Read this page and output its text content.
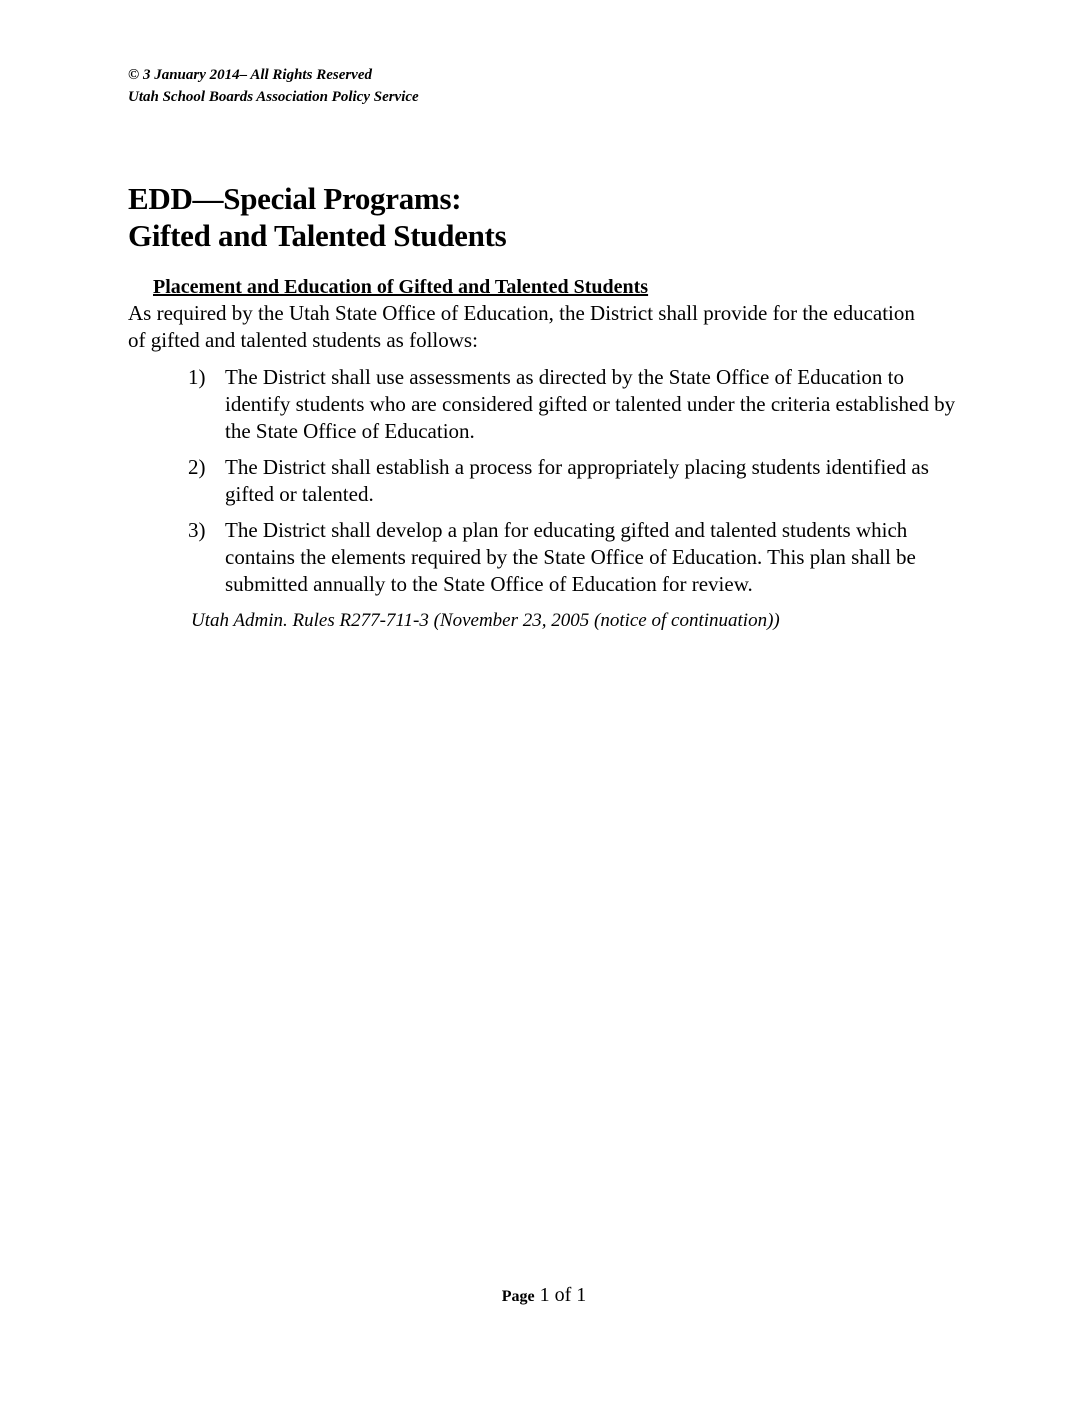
© 3 January 2014– All Rights Reserved
Utah School Boards Association Policy Service
EDD—Special Programs:
Gifted and Talented Students
Placement and Education of Gifted and Talented Students
As required by the Utah State Office of Education, the District shall provide for the education of gifted and talented students as follows:
1) The District shall use assessments as directed by the State Office of Education to identify students who are considered gifted or talented under the criteria established by the State Office of Education.
2) The District shall establish a process for appropriately placing students identified as gifted or talented.
3) The District shall develop a plan for educating gifted and talented students which contains the elements required by the State Office of Education. This plan shall be submitted annually to the State Office of Education for review.
Utah Admin. Rules R277-711-3 (November 23, 2005 (notice of continuation))
Page 1 of 1
